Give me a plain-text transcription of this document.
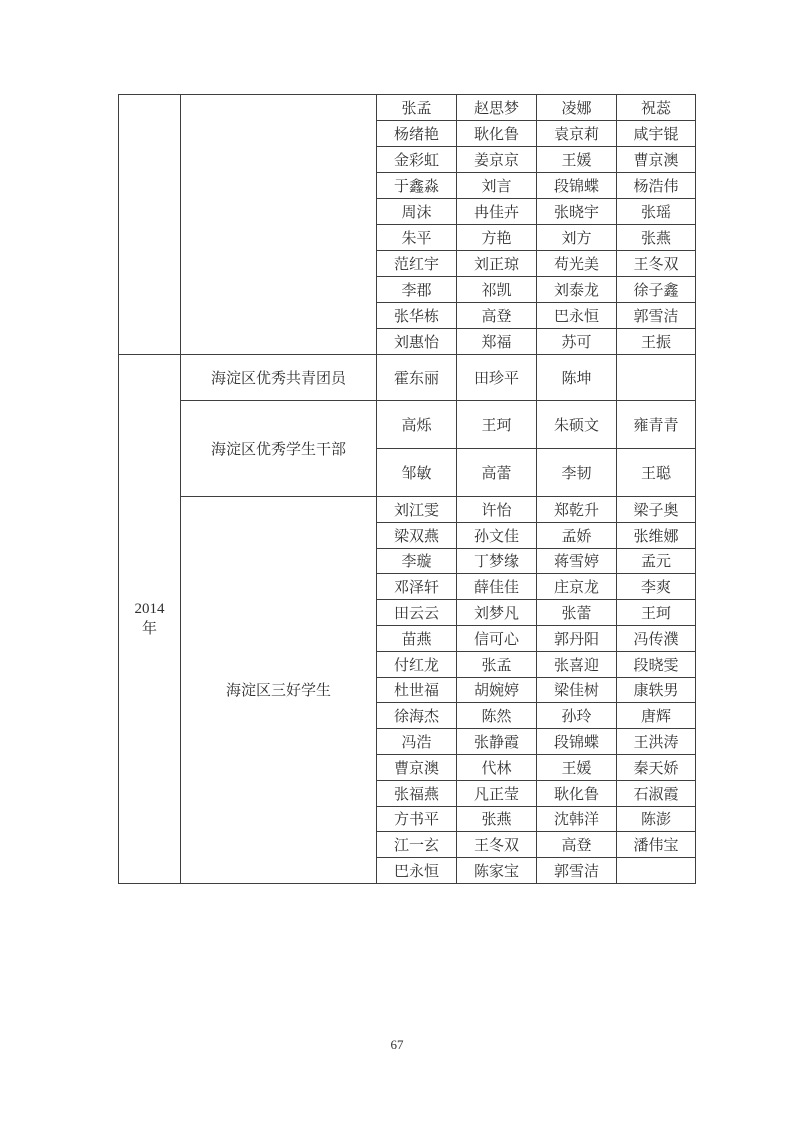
		张孟	赵思梦	凌娜	祝蕊
		杨绪艳	耿化鲁	袁京莉	咸宇锟
		金彩虹	姜京京	王媛	曹京澳
		于鑫淼	刘言	段锦蝶	杨浩伟
		周沫	冉佳卉	张晓宇	张瑶
		朱平	方艳	刘方	张燕
		范红宇	刘正琼	苟光美	王冬双
		李郡	祁凯	刘泰龙	徐子鑫
		张华栋	高登	巴永恒	郭雪洁
		刘惠怡	郑福	苏可	王振

2014
年	海淀区优秀共青团员	霍东丽	田珍平	陈坤	
	海淀区优秀学生干部	高烁	王珂	朱硕文	雍青青
		邹敏	高蕾	李韧	王聪
	海淀区三好学生	刘江雯	许怡	郑乾升	梁子奥
		梁双燕	孙文佳	孟娇	张维娜
		李璇	丁梦缘	蒋雪婷	孟元
		邓泽轩	薛佳佳	庄京龙	李爽
		田云云	刘梦凡	张蕾	王珂
		苗燕	信可心	郭丹阳	冯传濮
		付红龙	张孟	张喜迎	段晓雯
		杜世福	胡婉婷	梁佳树	康轶男
		徐海杰	陈然	孙玲	唐辉
		冯浩	张静霞	段锦蝶	王洪涛
		曹京澳	代林	王媛	秦天娇
		张福燕	凡正莹	耿化鲁	石淑霞
		方书平	张燕	沈韩洋	陈澎
		江一玄	王冬双	高登	潘伟宝
		巴永恒	陈家宝	郭雪洁	
67
